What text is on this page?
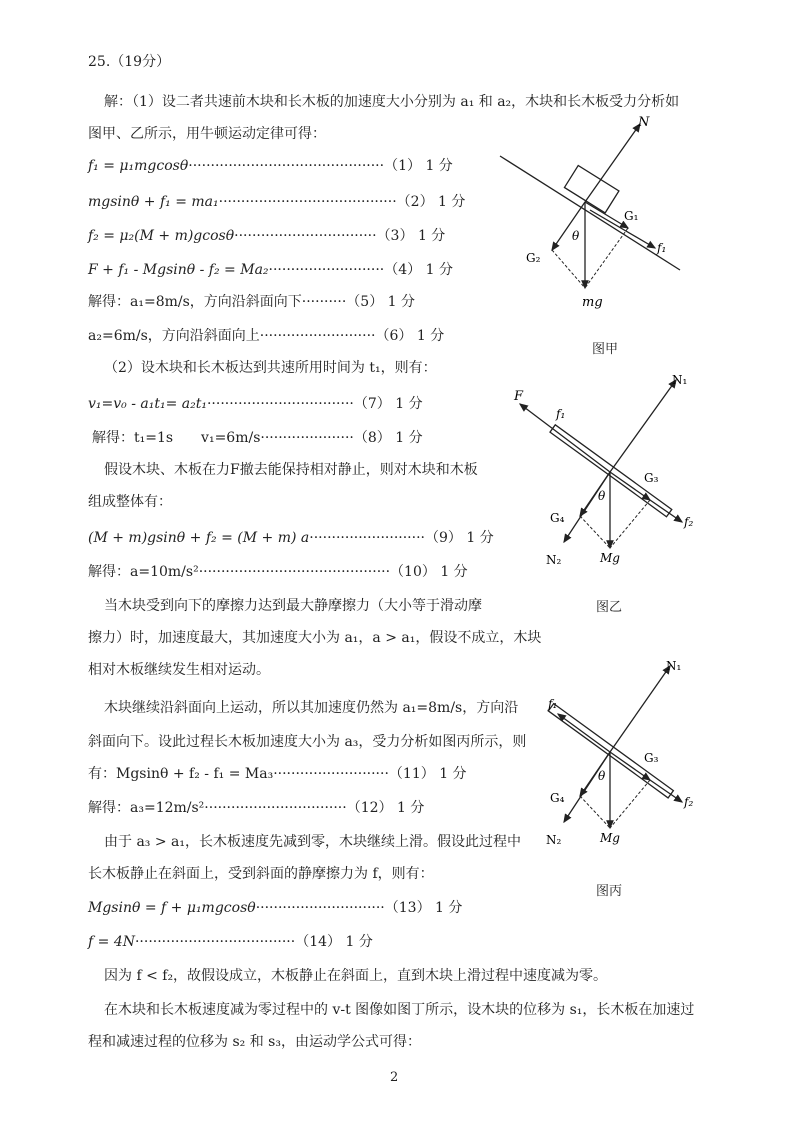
25.（19分）
解：（1）设二者共速前木块和长木板的加速度大小分别为 a₁ 和 a₂，木块和长木板受力分析如
图甲、乙所示，用牛顿运动定律可得：
f₁ = μ₁mgcosθ············································（1） 1 分
mgsinθ + f₁ = ma₁········································（2） 1 分
f₂ = μ₂(M + m)gcosθ································（3） 1 分
F + f₁ - Mgsinθ - f₂ = Ma₂··························（4） 1 分
解得：a₁=8m/s，方向沿斜面向下··········（5） 1 分
a₂=6m/s，方向沿斜面向上··························（6） 1 分
（2）设木块和长木板达到共速所用时间为 t₁，则有：
v₁=v₀ - a₁t₁= a₂t₁·································（7） 1 分
解得：t₁=1s　　v₁=6m/s·····················（8） 1 分
假设木块、木板在力F撤去能保持相对静止，则对木块和木板
组成整体有：
(M + m)gsinθ + f₂ = (M + m) a··························（9） 1 分
解得：a=10m/s²···········································（10） 1 分
当木块受到向下的摩擦力达到最大静摩擦力（大小等于滑动摩
擦力）时，加速度最大，其加速度大小为 a₁，a > a₁，假设不成立，木块
相对木板继续发生相对运动。
木块继续沿斜面向上运动，所以其加速度仍然为 a₁=8m/s，方向沿
斜面向下。设此过程长木板加速度大小为 a₃，受力分析如图丙所示，则
有：Mgsinθ + f₂ - f₁ = Ma₃··························（11） 1 分
解得：a₃=12m/s²································（12） 1 分
由于 a₃ > a₁，长木板速度先减到零，木块继续上滑。假设此过程中
长木板静止在斜面上，受到斜面的静摩擦力为 f，则有：
Mgsinθ = f + μ₁mgcosθ·····························（13） 1 分
f = 4N····································（14） 1 分
因为 f < f₂，故假设成立，木板静止在斜面上，直到木块上滑过程中速度减为零。
在木块和长木板速度减为零过程中的 v-t 图像如图丁所示，设木块的位移为 s₁，长木板在加速过
程和减速过程的位移为 s₂ 和 s₃，由运动学公式可得：
2
N
G₁
G₂
f₁
θ
mg
图甲
F
f₁
N₁
G₃
G₄	f₂
N₂
θ
Mg
图乙
f₁
N₁
G₃
G₄	f₂
N₂
θ
Mg
图丙
